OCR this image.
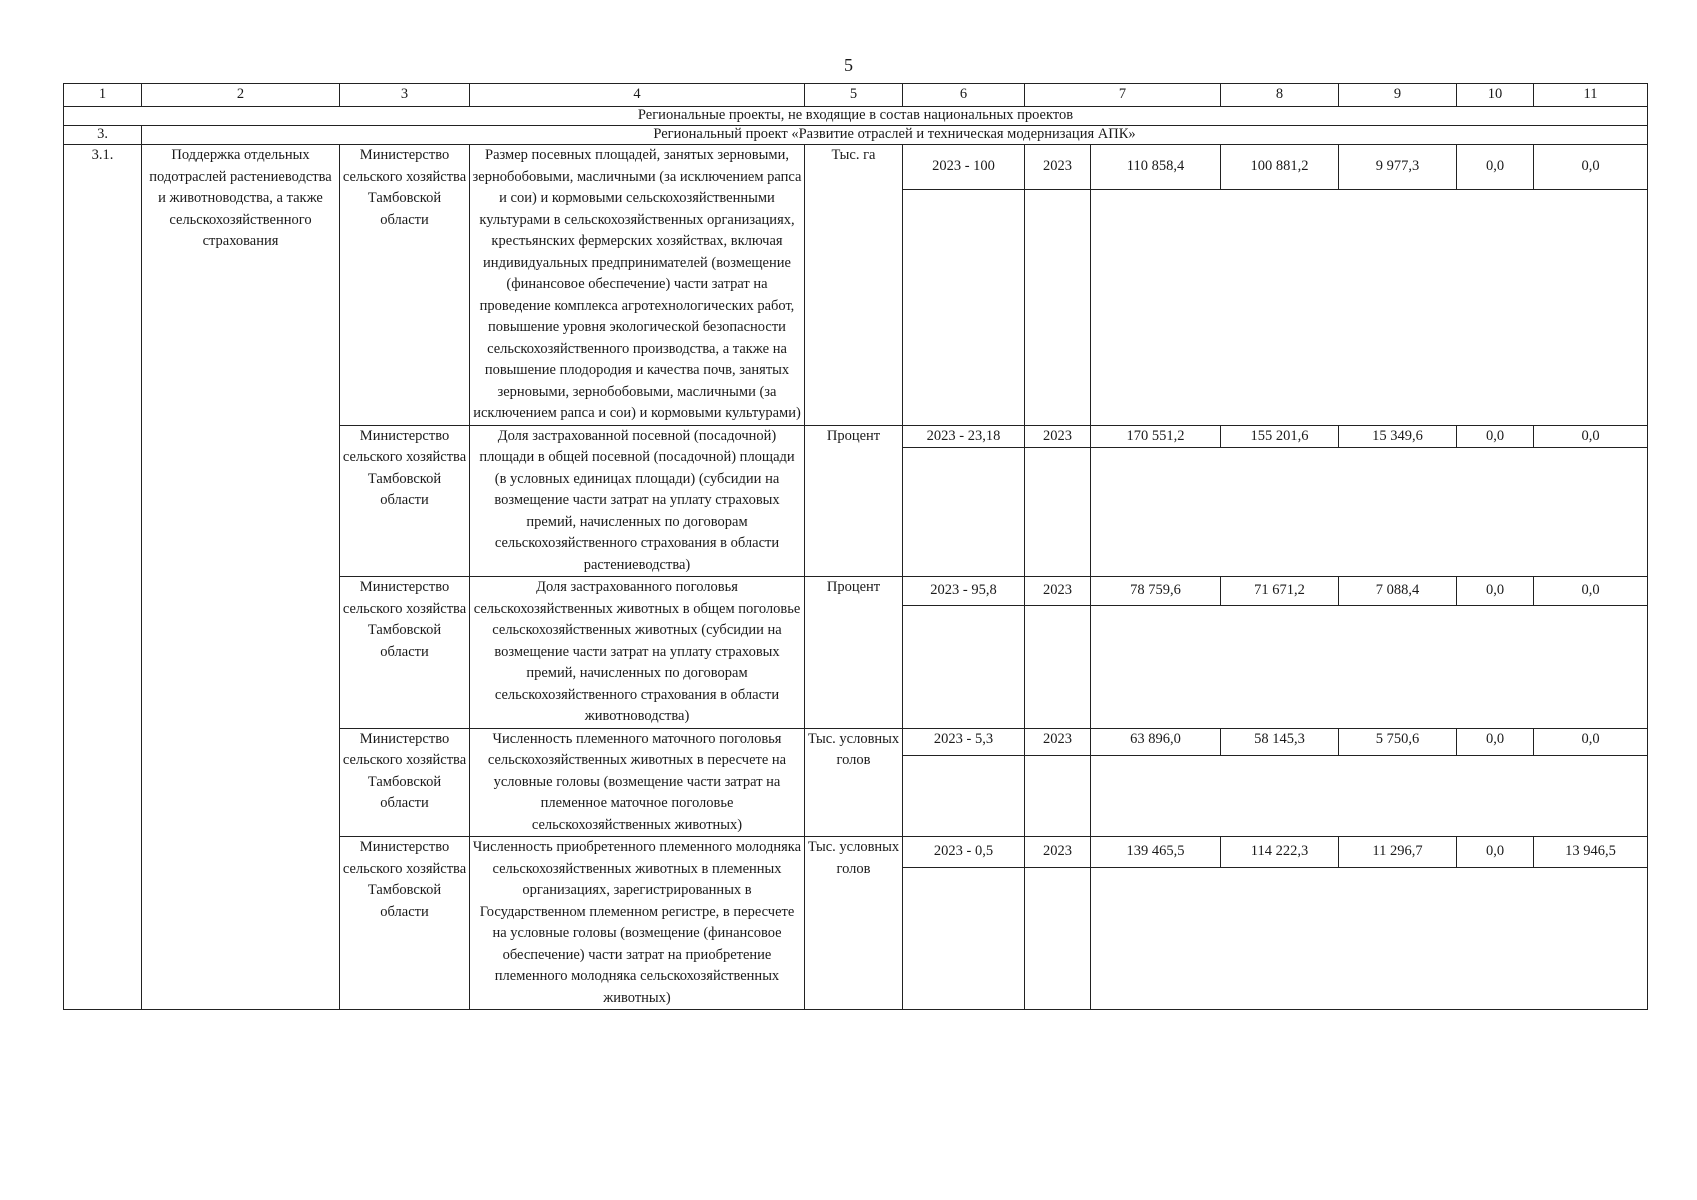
5
1	2	3	4	5	6	7		8	9	10	11
Региональные проекты, не входящие в состав национальных проектов											
3.	Региональный проект «Развитие отраслей и техническая модернизация АПК»										
3.1.	Поддержка отдельных подотраслей растениеводства и животноводства, а также сельскохозяйственного страхования	Министерство сельского хозяйства Тамбовской области	Размер посевных площадей, занятых зерновыми, зернобобовыми, масличными (за исключением рапса и сои) и кормовыми сельскохозяйственными культурами в сельскохозяйственных организациях, крестьянских фермерских хозяйствах, включая индивидуальных предпринимателей (возмещение (финансовое обеспечение) части затрат на проведение комплекса агротехнологических работ, повышение уровня экологической безопасности сельскохозяйственного производства, а также на повышение плодородия и качества почв, занятых зерновыми, зернобобовыми, масличными (за исключением рапса и сои) и кормовыми культурами)	Тыс. га	2023 - 100	2023	110 858,4	100 881,2	9 977,3	0,0	0,0

		Министерство сельского хозяйства Тамбовской области	Доля застрахованной посевной (посадочной) площади в общей посевной (посадочной) площади (в условных единицах площади) (субсидии на возмещение части затрат на уплату страховых премий, начисленных по договорам сельскохозяйственного страхования в области растениеводства)	Процент	2023 - 23,18	2023	170 551,2	155 201,6	15 349,6	0,0	0,0

		Министерство сельского хозяйства Тамбовской области	Доля застрахованного поголовья сельскохозяйственных животных в общем поголовье сельскохозяйственных животных (субсидии на возмещение части затрат на уплату страховых премий, начисленных по договорам сельскохозяйственного страхования в области животноводства)	Процент	2023 - 95,8	2023	78 759,6	71 671,2	7 088,4	0,0	0,0

		Министерство сельского хозяйства Тамбовской области	Численность племенного маточного поголовья сельскохозяйственных животных в пересчете на условные головы (возмещение части затрат на племенное маточное поголовье сельскохозяйственных животных)	Тыс. условных голов	2023 - 5,3	2023	63 896,0	58 145,3	5 750,6	0,0	0,0

		Министерство сельского хозяйства Тамбовской области	Численность приобретенного племенного молодняка сельскохозяйственных животных в племенных организациях, зарегистрированных в Государственном племенном регистре, в пересчете на условные головы (возмещение (финансовое обеспечение) части затрат на приобретение племенного молодняка сельскохозяйственных животных)	Тыс. условных голов	2023 - 0,5	2023	139 465,5	114 222,3	11 296,7	0,0	13 946,5
